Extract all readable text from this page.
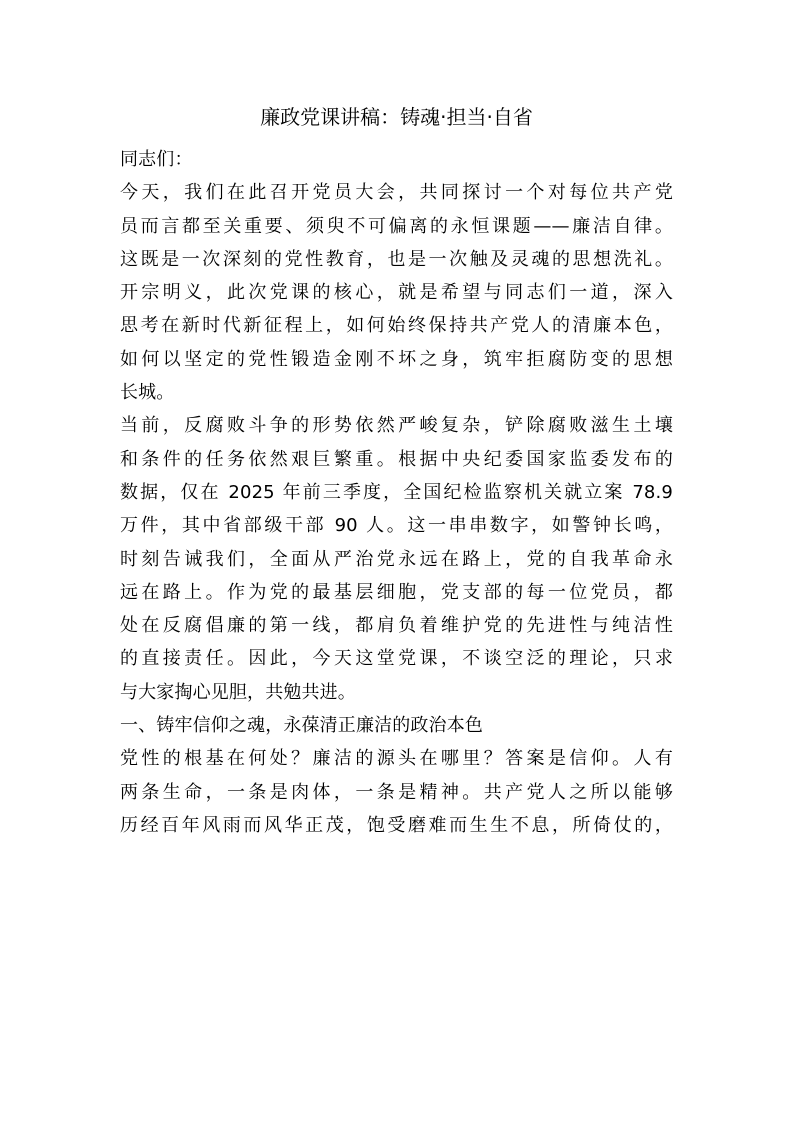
廉政党课讲稿：铸魂·担当·自省
同志们：
今天，我们在此召开党员大会，共同探讨一个对每位共产党
员而言都至关重要、须臾不可偏离的永恒课题——廉洁自律。
这既是一次深刻的党性教育，也是一次触及灵魂的思想洗礼。
开宗明义，此次党课的核心，就是希望与同志们一道，深入
思考在新时代新征程上，如何始终保持共产党人的清廉本色，
如何以坚定的党性锻造金刚不坏之身，筑牢拒腐防变的思想
长城。
当前，反腐败斗争的形势依然严峻复杂，铲除腐败滋生土壤
和条件的任务依然艰巨繁重。根据中央纪委国家监委发布的
数据，仅在 2025 年前三季度，全国纪检监察机关就立案 78.9
万件，其中省部级干部 90 人。这一串串数字，如警钟长鸣，
时刻告诫我们，全面从严治党永远在路上，党的自我革命永
远在路上。作为党的最基层细胞，党支部的每一位党员，都
处在反腐倡廉的第一线，都肩负着维护党的先进性与纯洁性
的直接责任。因此，今天这堂党课，不谈空泛的理论，只求
与大家掏心见胆，共勉共进。
一、铸牢信仰之魂，永葆清正廉洁的政治本色
党性的根基在何处？廉洁的源头在哪里？答案是信仰。人有
两条生命，一条是肉体，一条是精神。共产党人之所以能够
历经百年风雨而风华正茂，饱受磨难而生生不息，所倚仗的，
